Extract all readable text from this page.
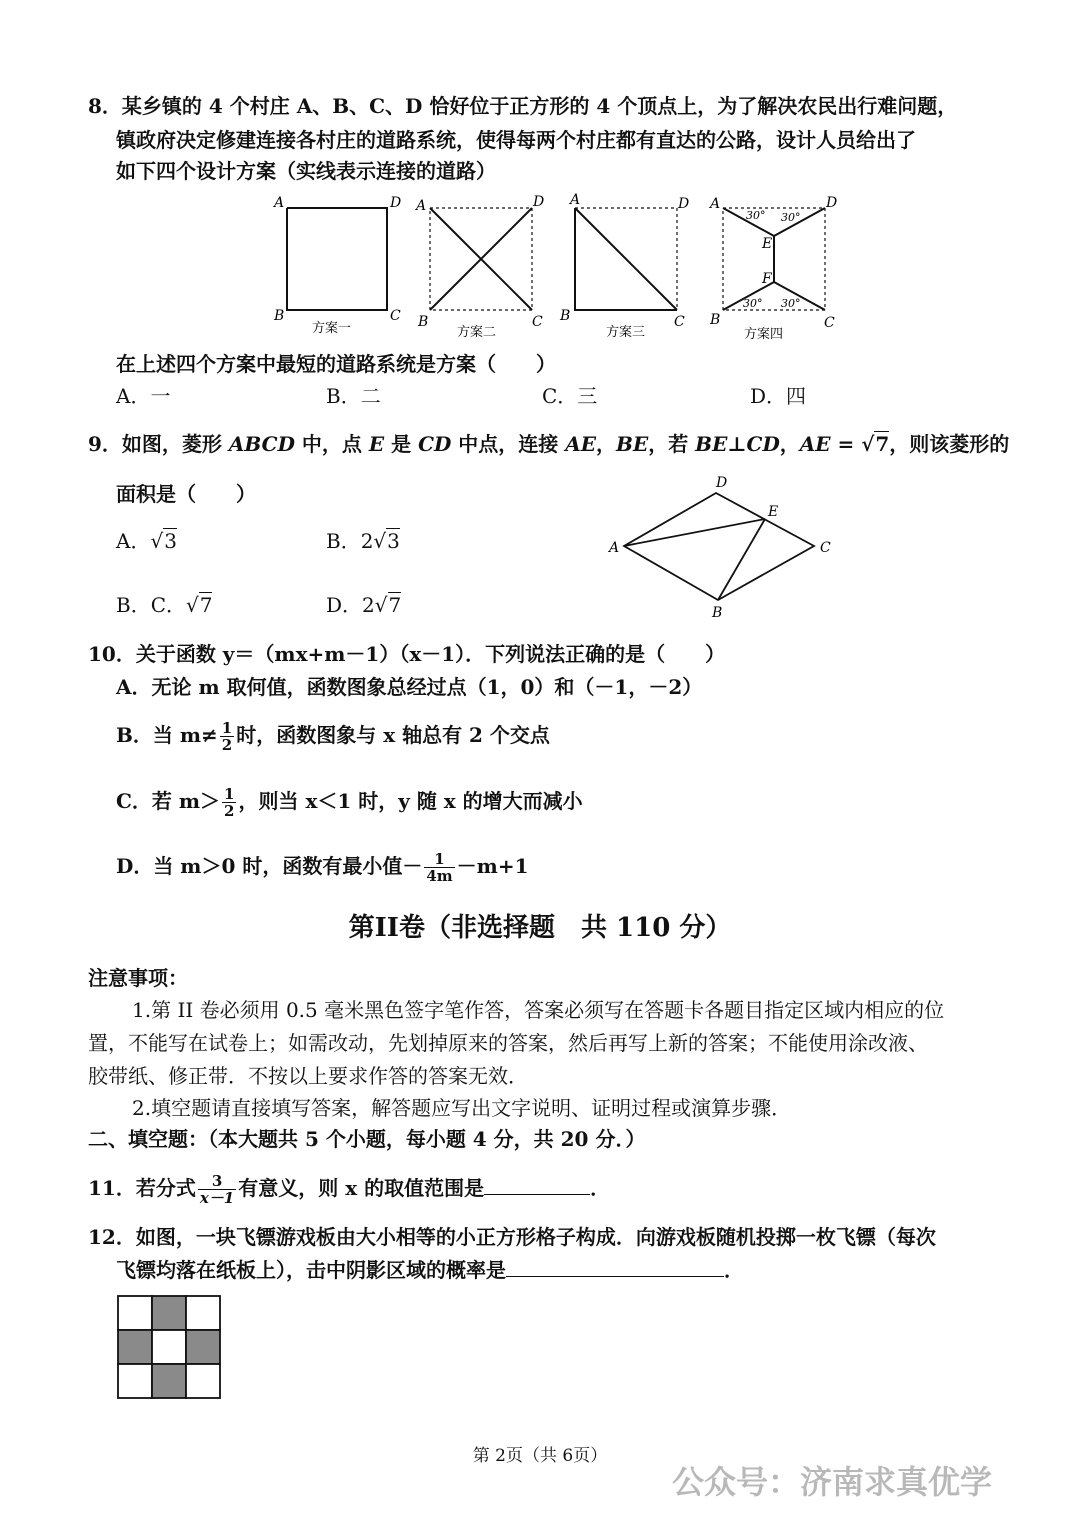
8．某乡镇的 4 个村庄 A、B、C、D 恰好位于正方形的 4 个顶点上，为了解决农民出行难问题，
镇政府决定修建连接各村庄的道路系统，使得每两个村庄都有直达的公路，设计人员给出了
如下四个设计方案（实线表示连接的道路）
A
B	C
D
方案一
A
B	C
D
方案二
A
B	C
D
方案三
A
B	C
D
E
F
30° 30°
30° 30°
方案四
在上述四个方案中最短的道路系统是方案（　　）
A．一	B．二	C．三	D．四
9．如图，菱形 ABCD 中，点 E 是 CD 中点，连接 AE，BE，若 BE⊥CD，AE = √7，则该菱形的
面积是（　　）
A．√3	B．2√3
B．C．√7	D．2√7
A
B
C
D
E
10．关于函数 y＝（mx+m－1）（x－1）．下列说法正确的是（　　）
A．无论 m 取何值，函数图象总经过点（1，0）和（－1，－2）
B．当 $m\ne \frac{1}{2}$ 时，函数图象与 x 轴总有 2 个交点
C．若 $m> \frac{1}{2}$ ，则当 x＜1 时，y 随 x 的增大而减小
D．当 m＞0 时，函数有最小值－ $\frac{1}{4m} -m+1$
第II卷（非选择题　共 110 分）
注意事项：
1.第 II 卷必须用 0.5 毫米黑色签字笔作答，答案必须写在答题卡各题目指定区域内相应的位
置，不能写在试卷上；如需改动，先划掉原来的答案，然后再写上新的答案；不能使用涂改液、
胶带纸、修正带．不按以上要求作答的答案无效．
2.填空题请直接填写答案，解答题应写出文字说明、证明过程或演算步骤．
二、填空题：（本大题共 5 个小题，每小题 4 分，共 20 分．）
11．若分式 $\frac{3}{x-1}$ 有意义，则 x 的取值范围是	．
12．如图，一块飞镖游戏板由大小相等的小正方形格子构成．向游戏板随机投掷一枚飞镖（每次
飞镖均落在纸板上），击中阴影区域的概率是	．
第 2页（共 6页）
公众号：济南求真优学
